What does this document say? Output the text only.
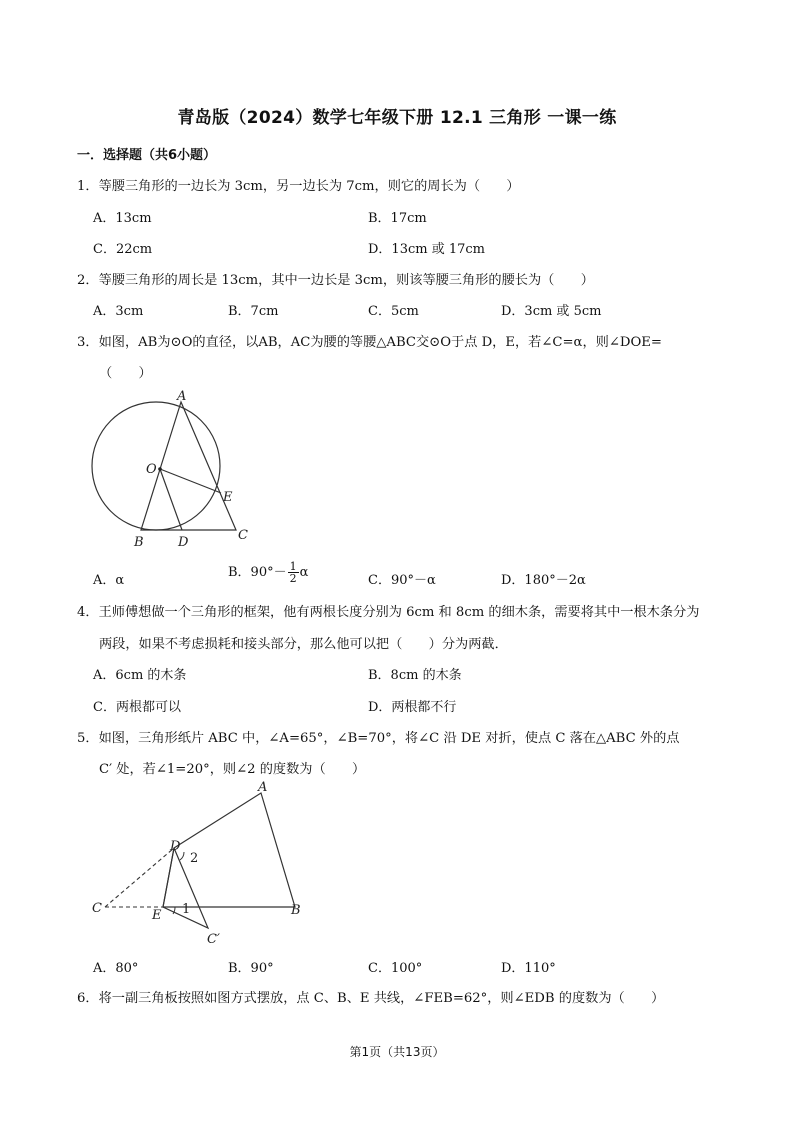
青岛版（2024）数学七年级下册 12.1 三角形 一课一练
一．选择题（共6小题）
1．等腰三角形的一边长为 3cm，另一边长为 7cm，则它的周长为（　　）
A．13cm	B．17cm
C．22cm	D．13cm 或 17cm
2．等腰三角形的周长是 13cm，其中一边长是 3cm，则该等腰三角形的腰长为（　　）
A．3cm	B．7cm	C．5cm	D．3cm 或 5cm
3．如图，AB为⊙O的直径，以AB，AC为腰的等腰△ABC交⊙O于点 D，E，若∠C=α，则∠DOE=
（　　）
A
O
E
B	D	C
A．α
B．$90^\circ- \frac{1}{2}$ α
C．90°－α	D．180°－2α
4．王师傅想做一个三角形的框架，他有两根长度分别为 6cm 和 8cm 的细木条，需要将其中一根木条分为
两段，如果不考虑损耗和接头部分，那么他可以把（　　）分为两截．
A．6cm 的木条	B．8cm 的木条
C．两根都可以	D．两根都不行
5．如图，三角形纸片 ABC 中，∠A=65°，∠B=70°，将∠C 沿 DE 对折，使点 C 落在△ABC 外的点
C′ 处，若∠1=20°，则∠2 的度数为（　　）
A
D
2
C	E 1	B
C′
A．80°	B．90°	C．100°	D．110°
6．将一副三角板按照如图方式摆放，点 C、B、E 共线，∠FEB=62°，则∠EDB 的度数为（　　）
第1页（共13页）
